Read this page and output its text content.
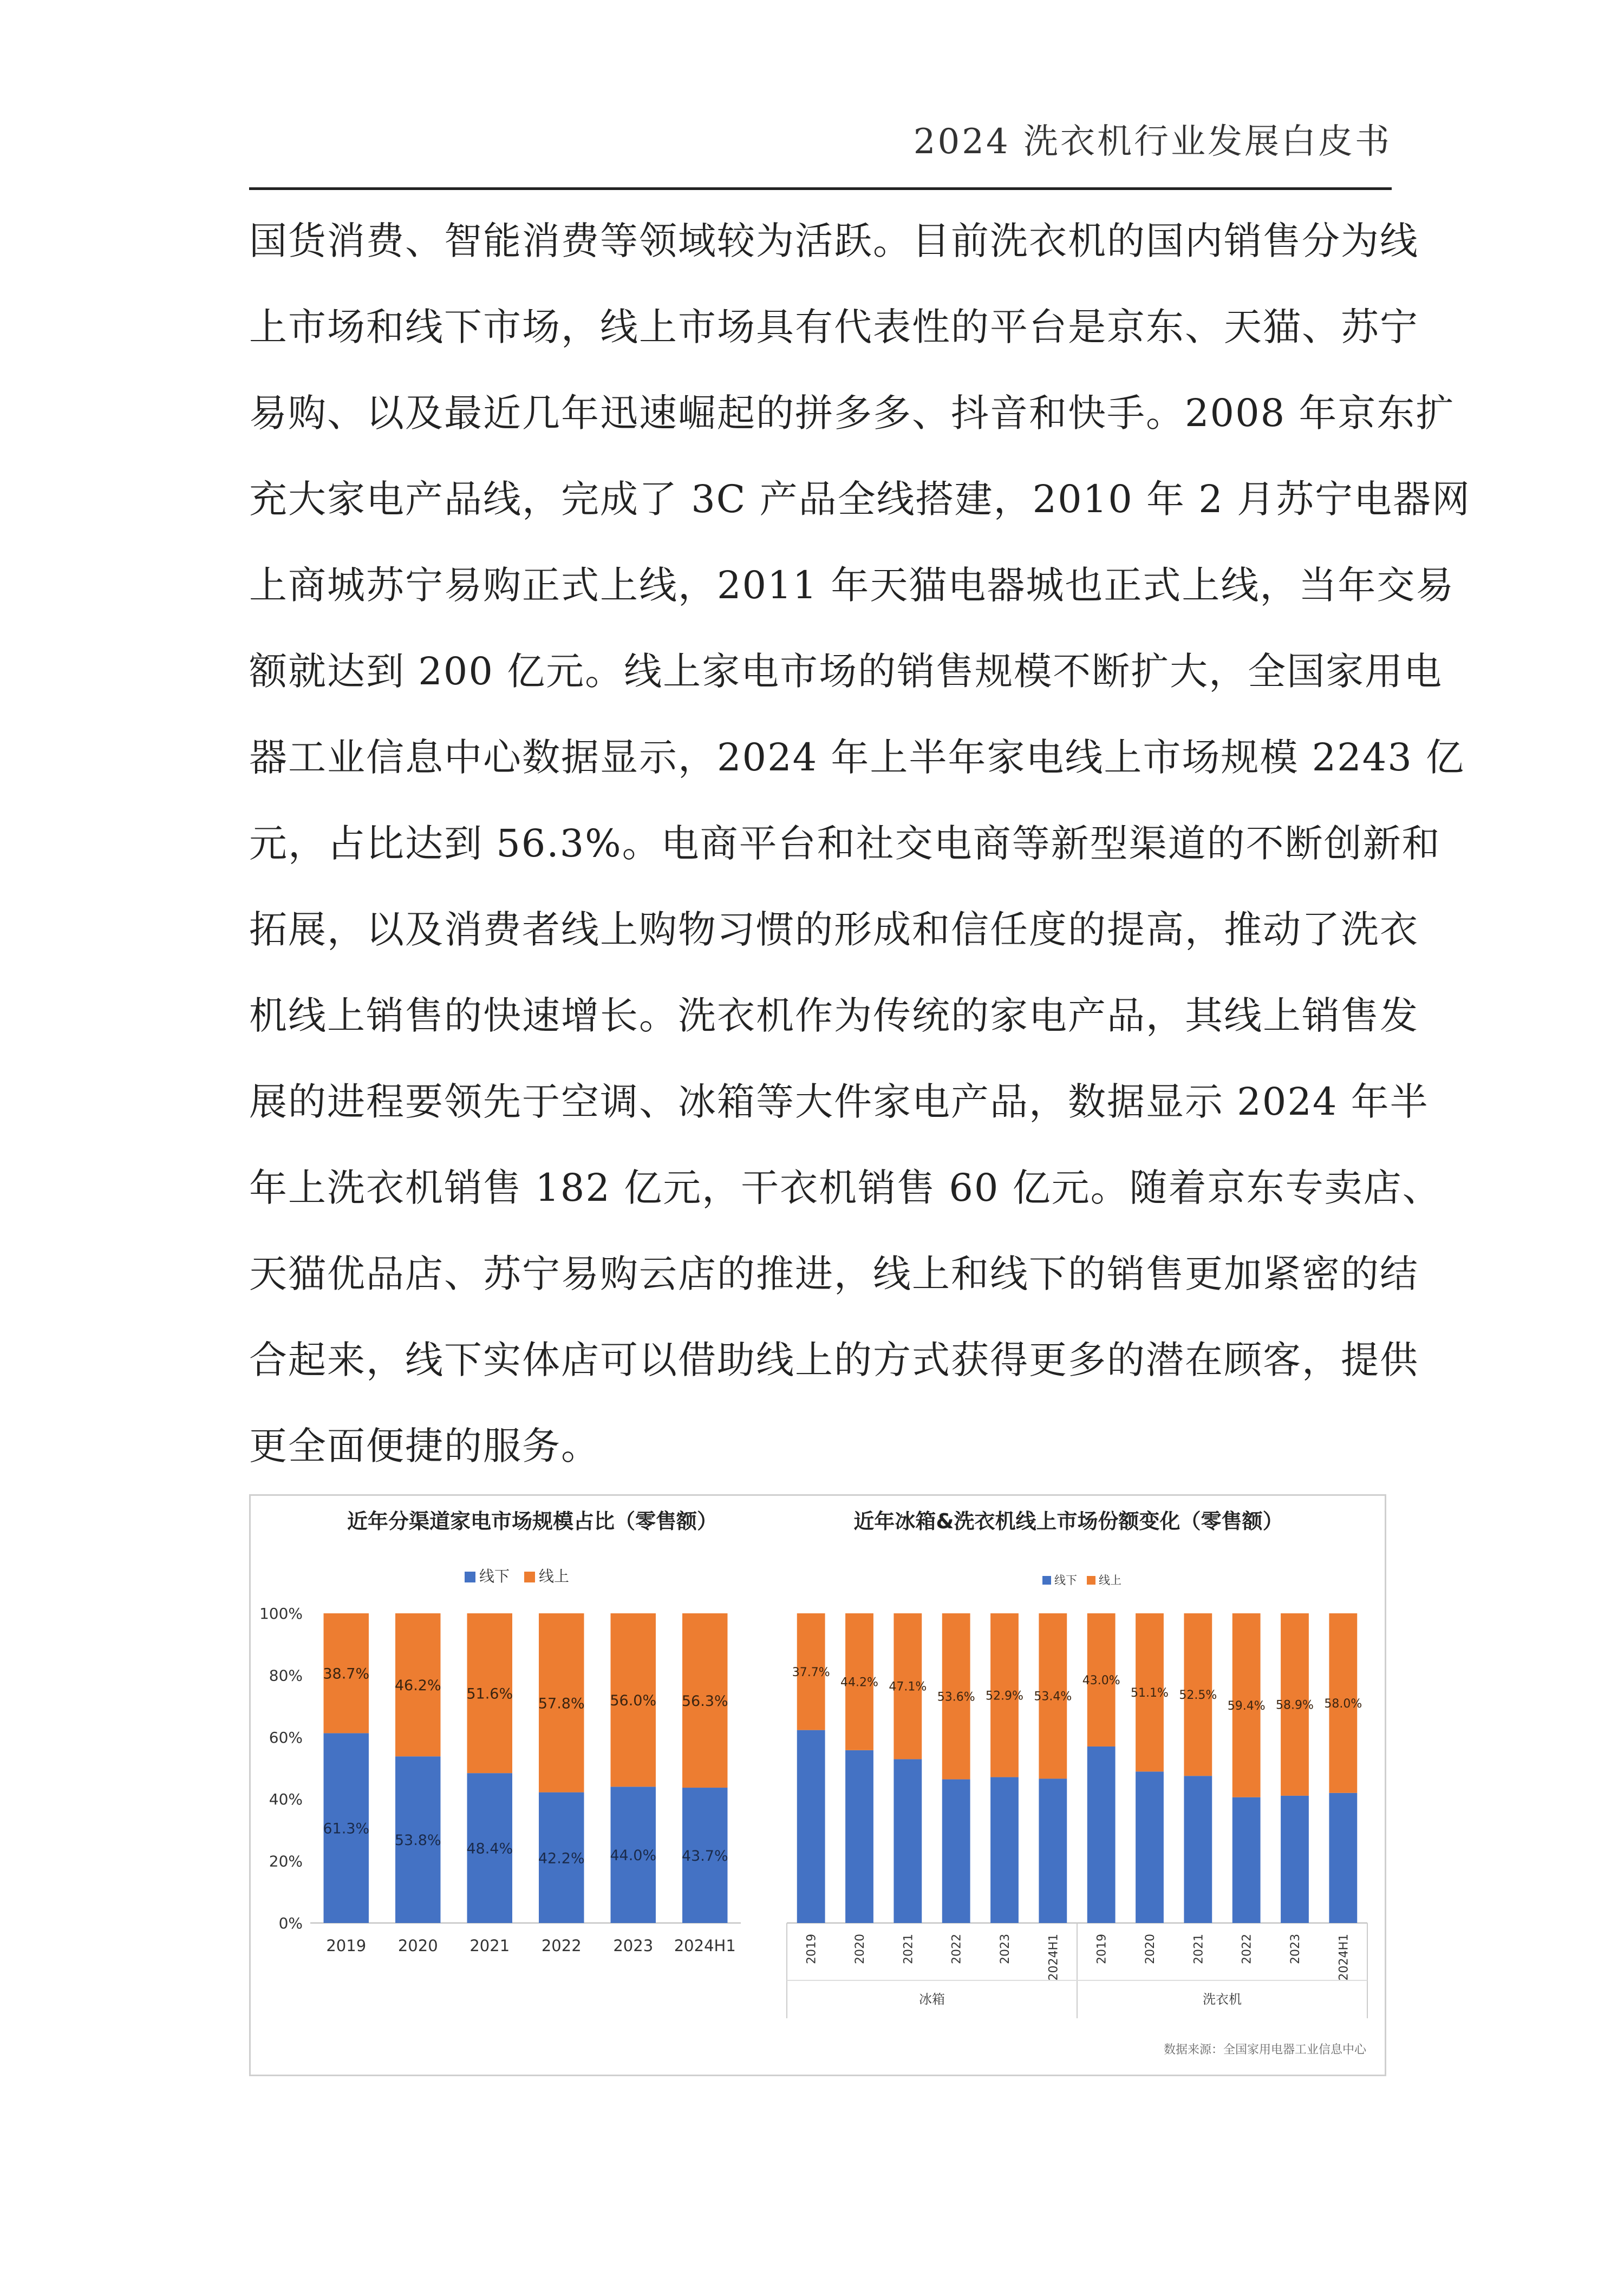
2024 洗衣机行业发展白皮书
国货消费、智能消费等领域较为活跃。目前洗衣机的国内销售分为线
上市场和线下市场，线上市场具有代表性的平台是京东、天猫、苏宁
易购、以及最近几年迅速崛起的拼多多、抖音和快手。2008 年京东扩
充大家电产品线，完成了 3C 产品全线搭建，2010 年 2 月苏宁电器网
上商城苏宁易购正式上线，2011 年天猫电器城也正式上线，当年交易
额就达到 200 亿元。线上家电市场的销售规模不断扩大，全国家用电
器工业信息中心数据显示，2024 年上半年家电线上市场规模 2243 亿
元，占比达到 56.3%。电商平台和社交电商等新型渠道的不断创新和
拓展，以及消费者线上购物习惯的形成和信任度的提高，推动了洗衣
机线上销售的快速增长。洗衣机作为传统的家电产品，其线上销售发
展的进程要领先于空调、冰箱等大件家电产品，数据显示 2024 年半
年上洗衣机销售 182 亿元，干衣机销售 60 亿元。随着京东专卖店、
天猫优品店、苏宁易购云店的推进，线上和线下的销售更加紧密的结
合起来，线下实体店可以借助线上的方式获得更多的潜在顾客，提供
更全面便捷的服务。
近年分渠道家电市场规模占比（零售额）
线下 线上
0%
20%
40%
60%
80%
100%
61.3%
38.7%
2019
53.8%
46.2%
2020
48.4%
51.6%
2021
42.2%
57.8%
2022
44.0%
56.0%
2023
43.7%
56.3%
2024H1
近年冰箱&洗衣机线上市场份额变化（零售额）
线下 线上
37.7%
2019
44.2%
2020
47.1%
2021
53.6%
2022
52.9%
2023
53.4%
2024H1
冰箱
43.0%
2019
51.1%
2020
52.5%
2021
59.4%
2022
58.9%
2023
58.0%
2024H1
洗衣机
数据来源：全国家用电器工业信息中心
